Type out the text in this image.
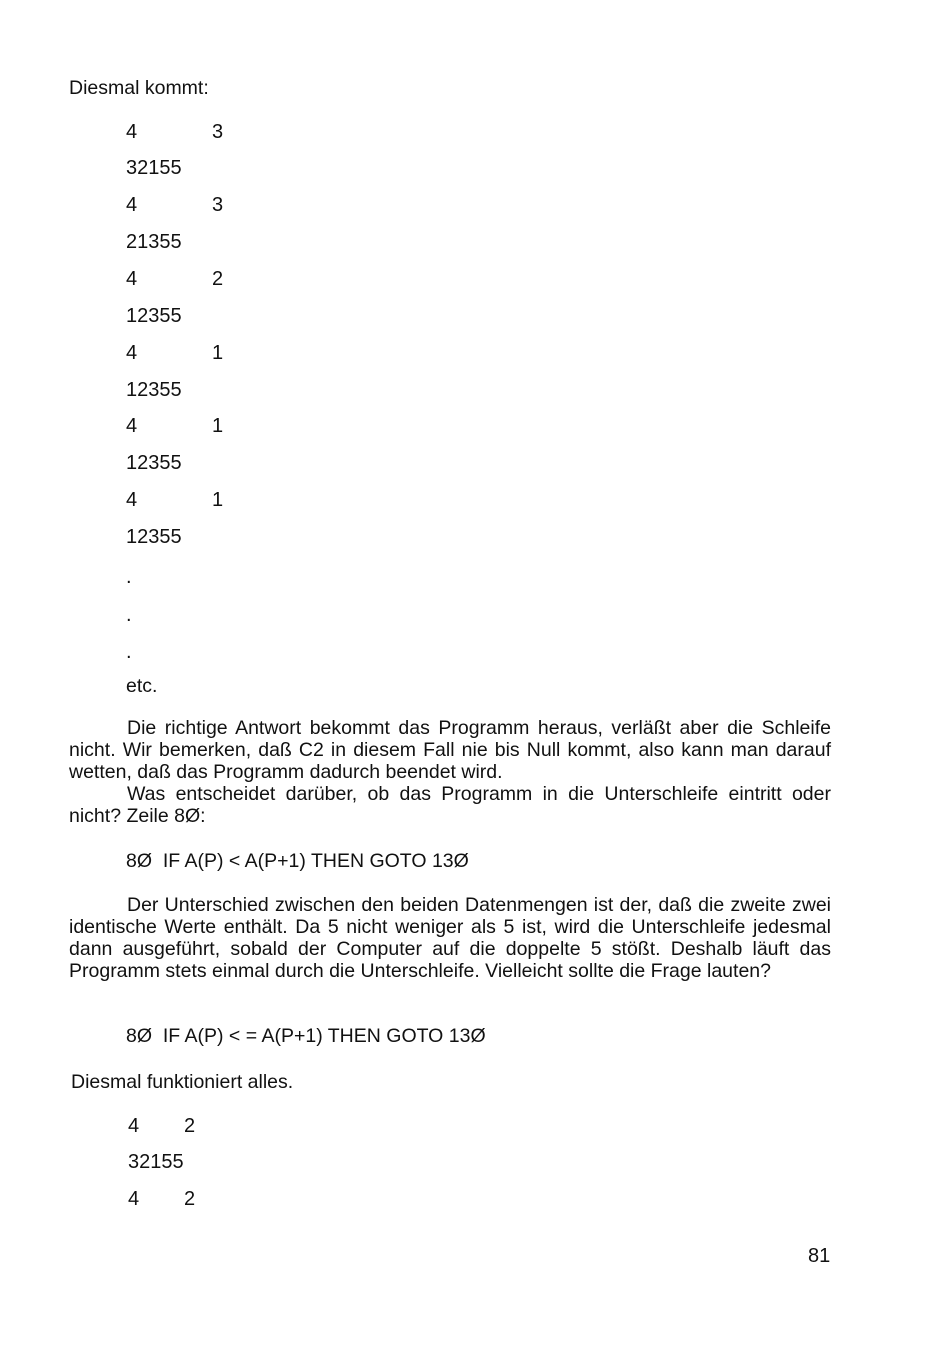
Diesmal kommt:
4	3
32155
4	3
21355
4	2
12355
4	1
12355
4	1
12355
4	1
12355
.
.
.
etc.

Die richtige Antwort bekommt das Programm heraus, verläßt aber die Schleife nicht. Wir bemerken, daß C2 in diesem Fall nie bis Null kommt, also kann man darauf wetten, daß das Programm dadurch beendet wird.

Was entscheidet darüber, ob das Programm in die Unterschleife eintritt oder nicht? Zeile 8Ø:

8Ø  IF A(P) < A(P+1) THEN GOTO 13Ø

Der Unterschied zwischen den beiden Datenmengen ist der, daß die zweite zwei identische Werte enthält. Da 5 nicht weniger als 5 ist, wird die Unterschleife jedesmal dann ausgeführt, sobald der Computer auf die doppelte 5 stößt. Deshalb läuft das Programm stets einmal durch die Unterschleife. Vielleicht sollte die Frage lauten?

8Ø  IF A(P) < = A(P+1) THEN GOTO 13Ø
Diesmal funktioniert alles.
4 2
32155
4 2
81
